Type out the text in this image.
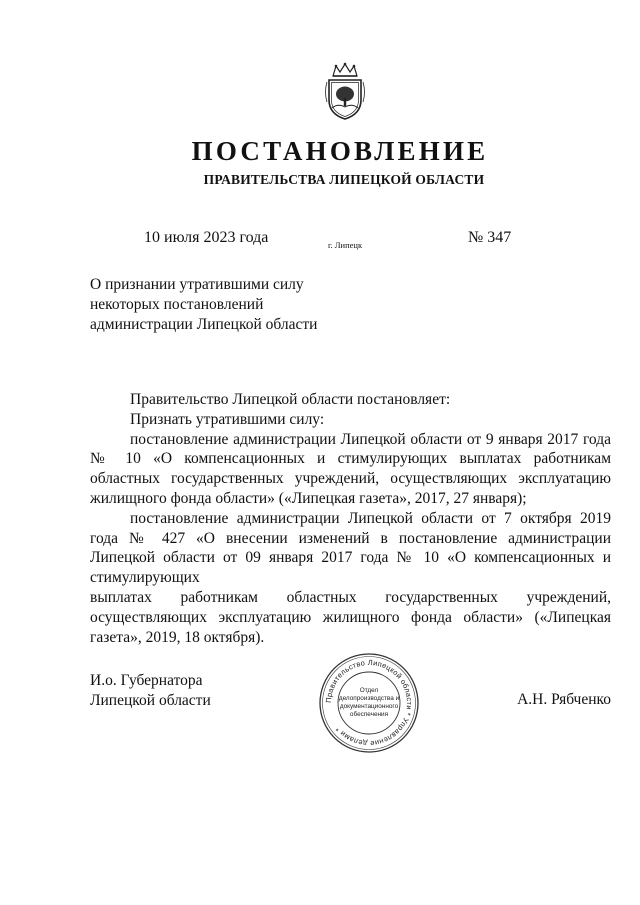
ПОСТАНОВЛЕНИЕ
ПРАВИТЕЛЬСТВА ЛИПЕЦКОЙ ОБЛАСТИ
10 июля 2023 года	г. Липецк	№ 347
О признании утратившими силу
некоторых постановлений
администрации Липецкой области

Правительство Липецкой области постановляет:

Признать утратившими силу:

постановление администрации Липецкой области от 9 января 2017 года № 10 «О компенсационных и стимулирующих выплатах работникам областных государственных учреждений, осуществляющих эксплуатацию жилищного фонда области» («Липецкая газета», 2017, 27 января);

постановление администрации Липецкой области от 7 октября 2019 года № 427 «О внесении изменений в постановление администрации Липецкой области от 09 января 2017 года № 10 «О компенсационных и стимулирующих

выплатах работникам областных государственных учреждений,

осуществляющих эксплуатацию жилищного фонда области» («Липецкая газета», 2019, 18 октября).

И.о. Губернатора
Липецкой области	А.Н. Рябченко
Правительство Липецкой области * Управление делами *
Отдел
делопроизводства и
документационного
обеспечения
